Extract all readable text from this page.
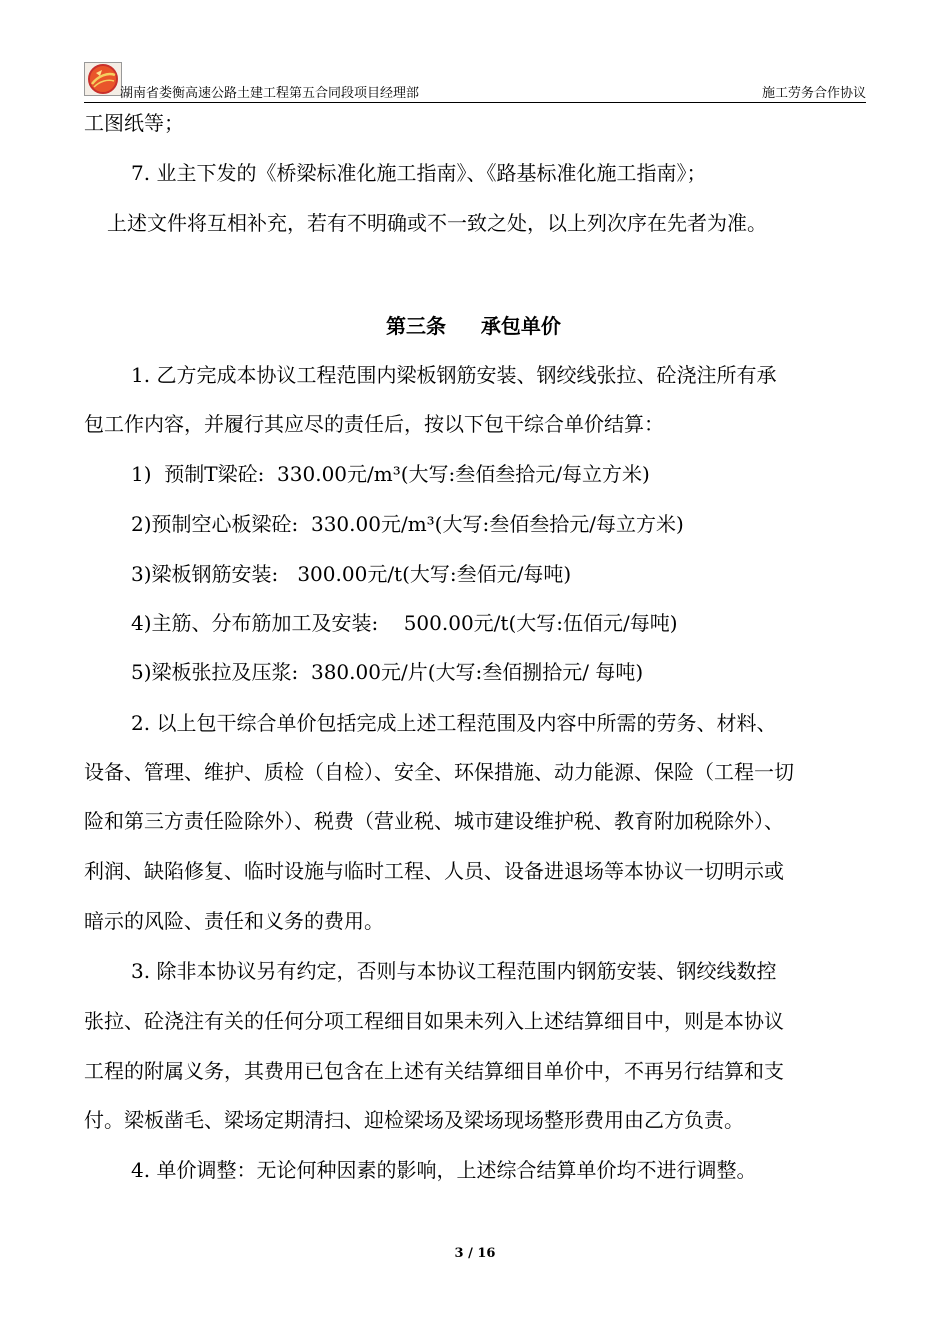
湖南省娄衡高速公路土建工程第五合同段项目经理部	施工劳务合作协议
工图纸等；
7. 业主下发的《桥梁标准化施工指南》、《路基标准化施工指南》；
上述文件将互相补充，若有不明确或不一致之处，以上列次序在先者为准。
第三条     承包单价
1. 乙方完成本协议工程范围内梁板钢筋安装、钢绞线张拉、砼浇注所有承
包工作内容，并履行其应尽的责任后，按以下包干综合单价结算：
1)  预制T梁砼:  330.00元/m³(大写:叁佰叁拾元/每立方米)
2)预制空心板梁砼:  330.00元/m³(大写:叁佰叁拾元/每立方米)
3)梁板钢筋安装:   300.00元/t(大写:叁佰元/每吨)
4)主筋、分布筋加工及安装:    500.00元/t(大写:伍佰元/每吨)
5)梁板张拉及压浆:  380.00元/片(大写:叁佰捌拾元/ 每吨)
2. 以上包干综合单价包括完成上述工程范围及内容中所需的劳务、材料、
设备、管理、维护、质检（自检）、安全、环保措施、动力能源、保险（工程一切
险和第三方责任险除外）、税费（营业税、城市建设维护税、教育附加税除外）、
利润、缺陷修复、临时设施与临时工程、人员、设备进退场等本协议一切明示或
暗示的风险、责任和义务的费用。
3. 除非本协议另有约定，否则与本协议工程范围内钢筋安装、钢绞线数控
张拉、砼浇注有关的任何分项工程细目如果未列入上述结算细目中，则是本协议
工程的附属义务，其费用已包含在上述有关结算细目单价中，不再另行结算和支
付。梁板凿毛、梁场定期清扫、迎检梁场及梁场现场整形费用由乙方负责。
4. 单价调整：无论何种因素的影响，上述综合结算单价均不进行调整。
3 / 16
